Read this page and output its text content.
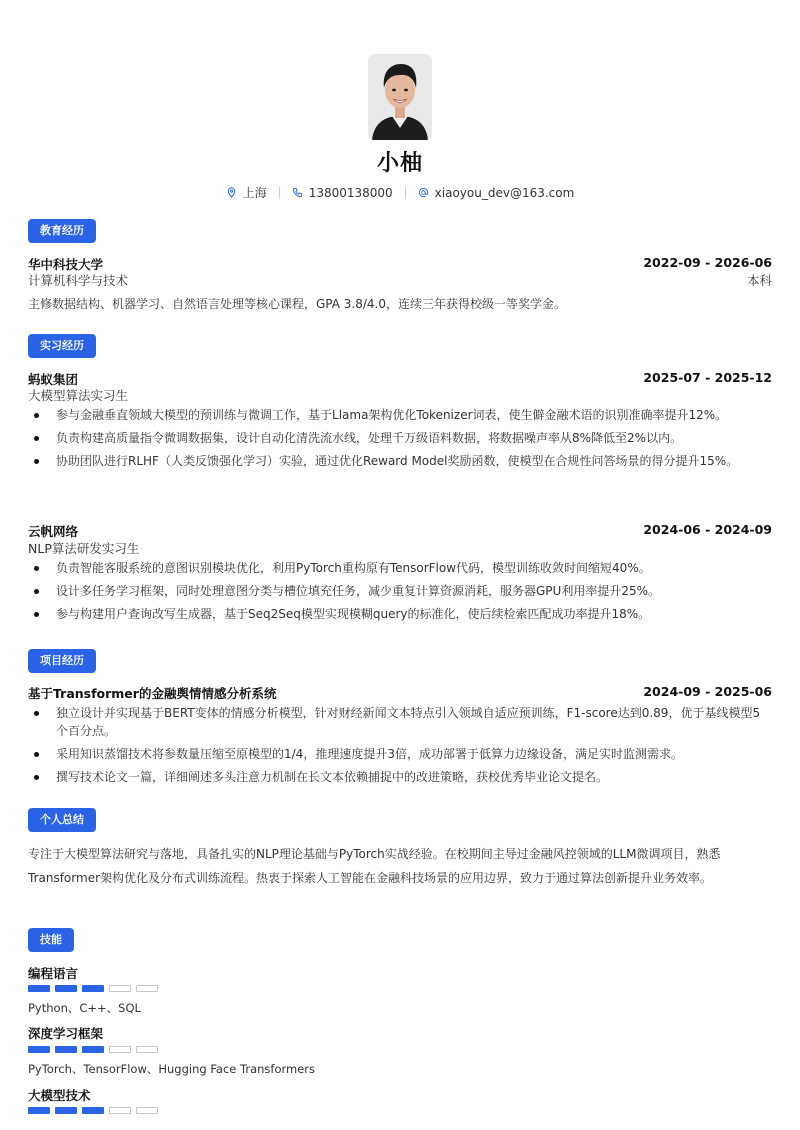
小柚
上海	13800138000	xiaoyou_dev@163.com
教育经历
华中科技大学	2022-09 - 2026-06
计算机科学与技术	本科
主修数据结构、机器学习、自然语言处理等核心课程，GPA 3.8/4.0，连续三年获得校级一等奖学金。
实习经历
蚂蚁集团	2025-07 - 2025-12
大模型算法实习生
参与金融垂直领域大模型的预训练与微调工作，基于Llama架构优化Tokenizer词表，使生僻金融术语的识别准确率提升12%。
负责构建高质量指令微调数据集，设计自动化清洗流水线，处理千万级语料数据，将数据噪声率从8%降低至2%以内。
协助团队进行RLHF（人类反馈强化学习）实验，通过优化Reward Model奖励函数，使模型在合规性问答场景的得分提升15%。
云帆网络	2024-06 - 2024-09
NLP算法研发实习生
负责智能客服系统的意图识别模块优化，利用PyTorch重构原有TensorFlow代码，模型训练收敛时间缩短40%。
设计多任务学习框架，同时处理意图分类与槽位填充任务，减少重复计算资源消耗，服务器GPU利用率提升25%。
参与构建用户查询改写生成器，基于Seq2Seq模型实现模糊query的标准化，使后续检索匹配成功率提升18%。
项目经历
基于Transformer的金融舆情情感分析系统	2024-09 - 2025-06
独立设计并实现基于BERT变体的情感分析模型，针对财经新闻文本特点引入领域自适应预训练，F1-score达到0.89，优于基线模型5个百分点。
采用知识蒸馏技术将参数量压缩至原模型的1/4，推理速度提升3倍，成功部署于低算力边缘设备，满足实时监测需求。
撰写技术论文一篇，详细阐述多头注意力机制在长文本依赖捕捉中的改进策略，获校优秀毕业论文提名。
个人总结
专注于大模型算法研究与落地，具备扎实的NLP理论基础与PyTorch实战经验。在校期间主导过金融风控领域的LLM微调项目，熟悉Transformer架构优化及分布式训练流程。热衷于探索人工智能在金融科技场景的应用边界，致力于通过算法创新提升业务效率。
技能
编程语言
Python、C++、SQL
深度学习框架
PyTorch、TensorFlow、Hugging Face Transformers
大模型技术
